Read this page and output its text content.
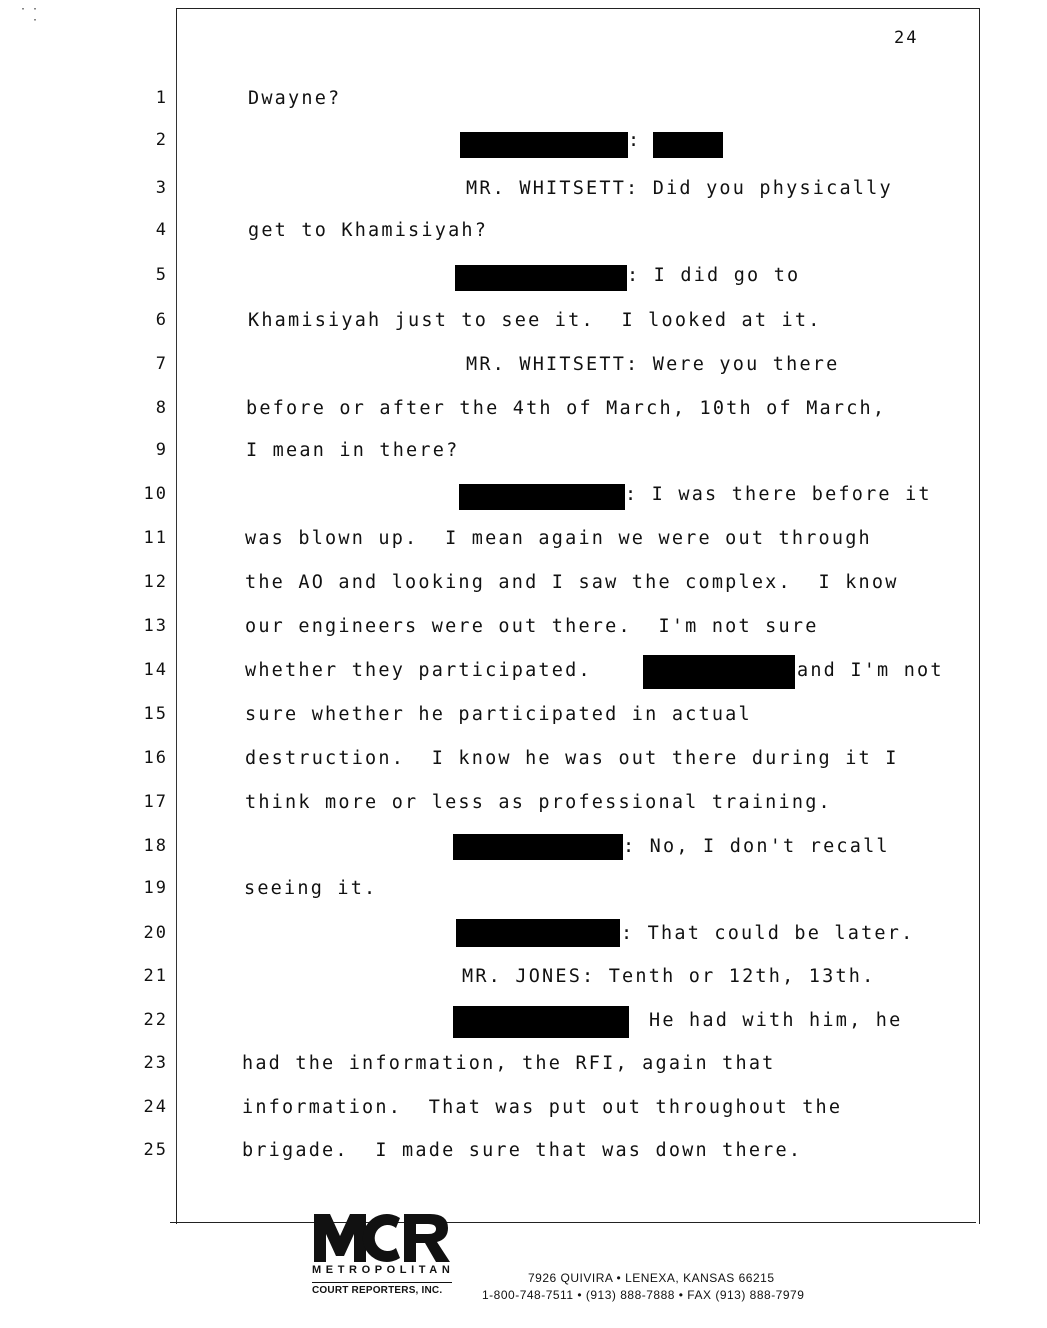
· ·
·
24
1	Dwayne?
2	:
3	MR. WHITSETT: Did you physically
4	get to Khamisiyah?
5	: I did go to
6	Khamisiyah just to see it.  I looked at it.
7	MR. WHITSETT: Were you there
8	before or after the 4th of March, 10th of March,
9	I mean in there?
10	: I was there before it
11	was blown up.  I mean again we were out through
12	the AO and looking and I saw the complex.  I know
13	our engineers were out there.  I'm not sure
14	whether they participated.	and I'm not
15	sure whether he participated in actual
16	destruction.  I know he was out there during it I
17	think more or less as professional training.
18	: No, I don't recall
19	seeing it.
20	: That could be later.
21	MR. JONES: Tenth or 12th, 13th.
22	He had with him, he
23	had the information, the RFI, again that
24	information.  That was put out throughout the
25	brigade.  I made sure that was down there.
METROPOLITAN
COURT REPORTERS, INC.
7926 QUIVIRA • LENEXA, KANSAS 66215
1-800-748-7511 • (913) 888-7888 • FAX (913) 888-7979
